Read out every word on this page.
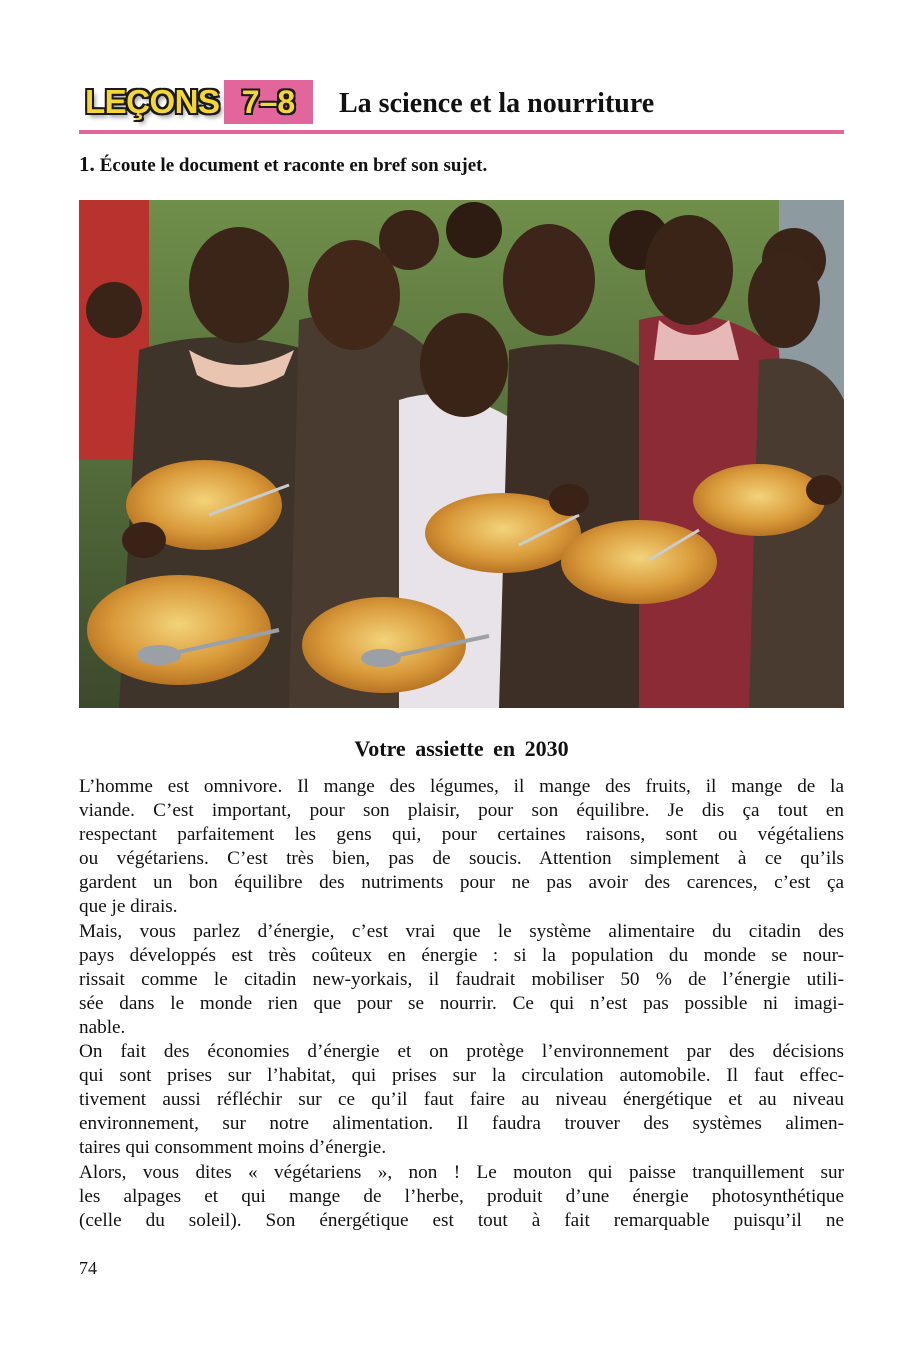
LEÇONS 7–8 La science et la nourriture
1. Écoute le document et raconte en bref son sujet.
Votre assiette en 2030

L’homme est omnivore. Il mange des légumes, il mange des fruits, il mange de la

viande. C’est important, pour son plaisir, pour son équilibre. Je dis ça tout en

respectant parfaitement les gens qui, pour certaines raisons, sont ou végétaliens

ou végétariens. C’est très bien, pas de soucis. Attention simplement à ce qu’ils

gardent un bon équilibre des nutriments pour ne pas avoir des carences, c’est ça

que je dirais.

Mais, vous parlez d’énergie, c’est vrai que le système alimentaire du citadin des

pays développés est très coûteux en énergie : si la population du monde se nour-

rissait comme le citadin new-yorkais, il faudrait mobiliser 50 % de l’énergie utili-

sée dans le monde rien que pour se nourrir. Ce qui n’est pas possible ni imagi-

nable.

On fait des économies d’énergie et on protège l’environnement par des décisions

qui sont prises sur l’habitat, qui prises sur la circulation automobile. Il faut effec-

tivement aussi réfléchir sur ce qu’il faut faire au niveau énergétique et au niveau

environnement, sur notre alimentation. Il faudra trouver des systèmes alimen-

taires qui consomment moins d’énergie.

Alors, vous dites « végétariens », non ! Le mouton qui paisse tranquillement sur

les alpages et qui mange de l’herbe, produit d’une énergie photosynthétique

(celle du soleil). Son énergétique est tout à fait remarquable puisqu’il ne

74
